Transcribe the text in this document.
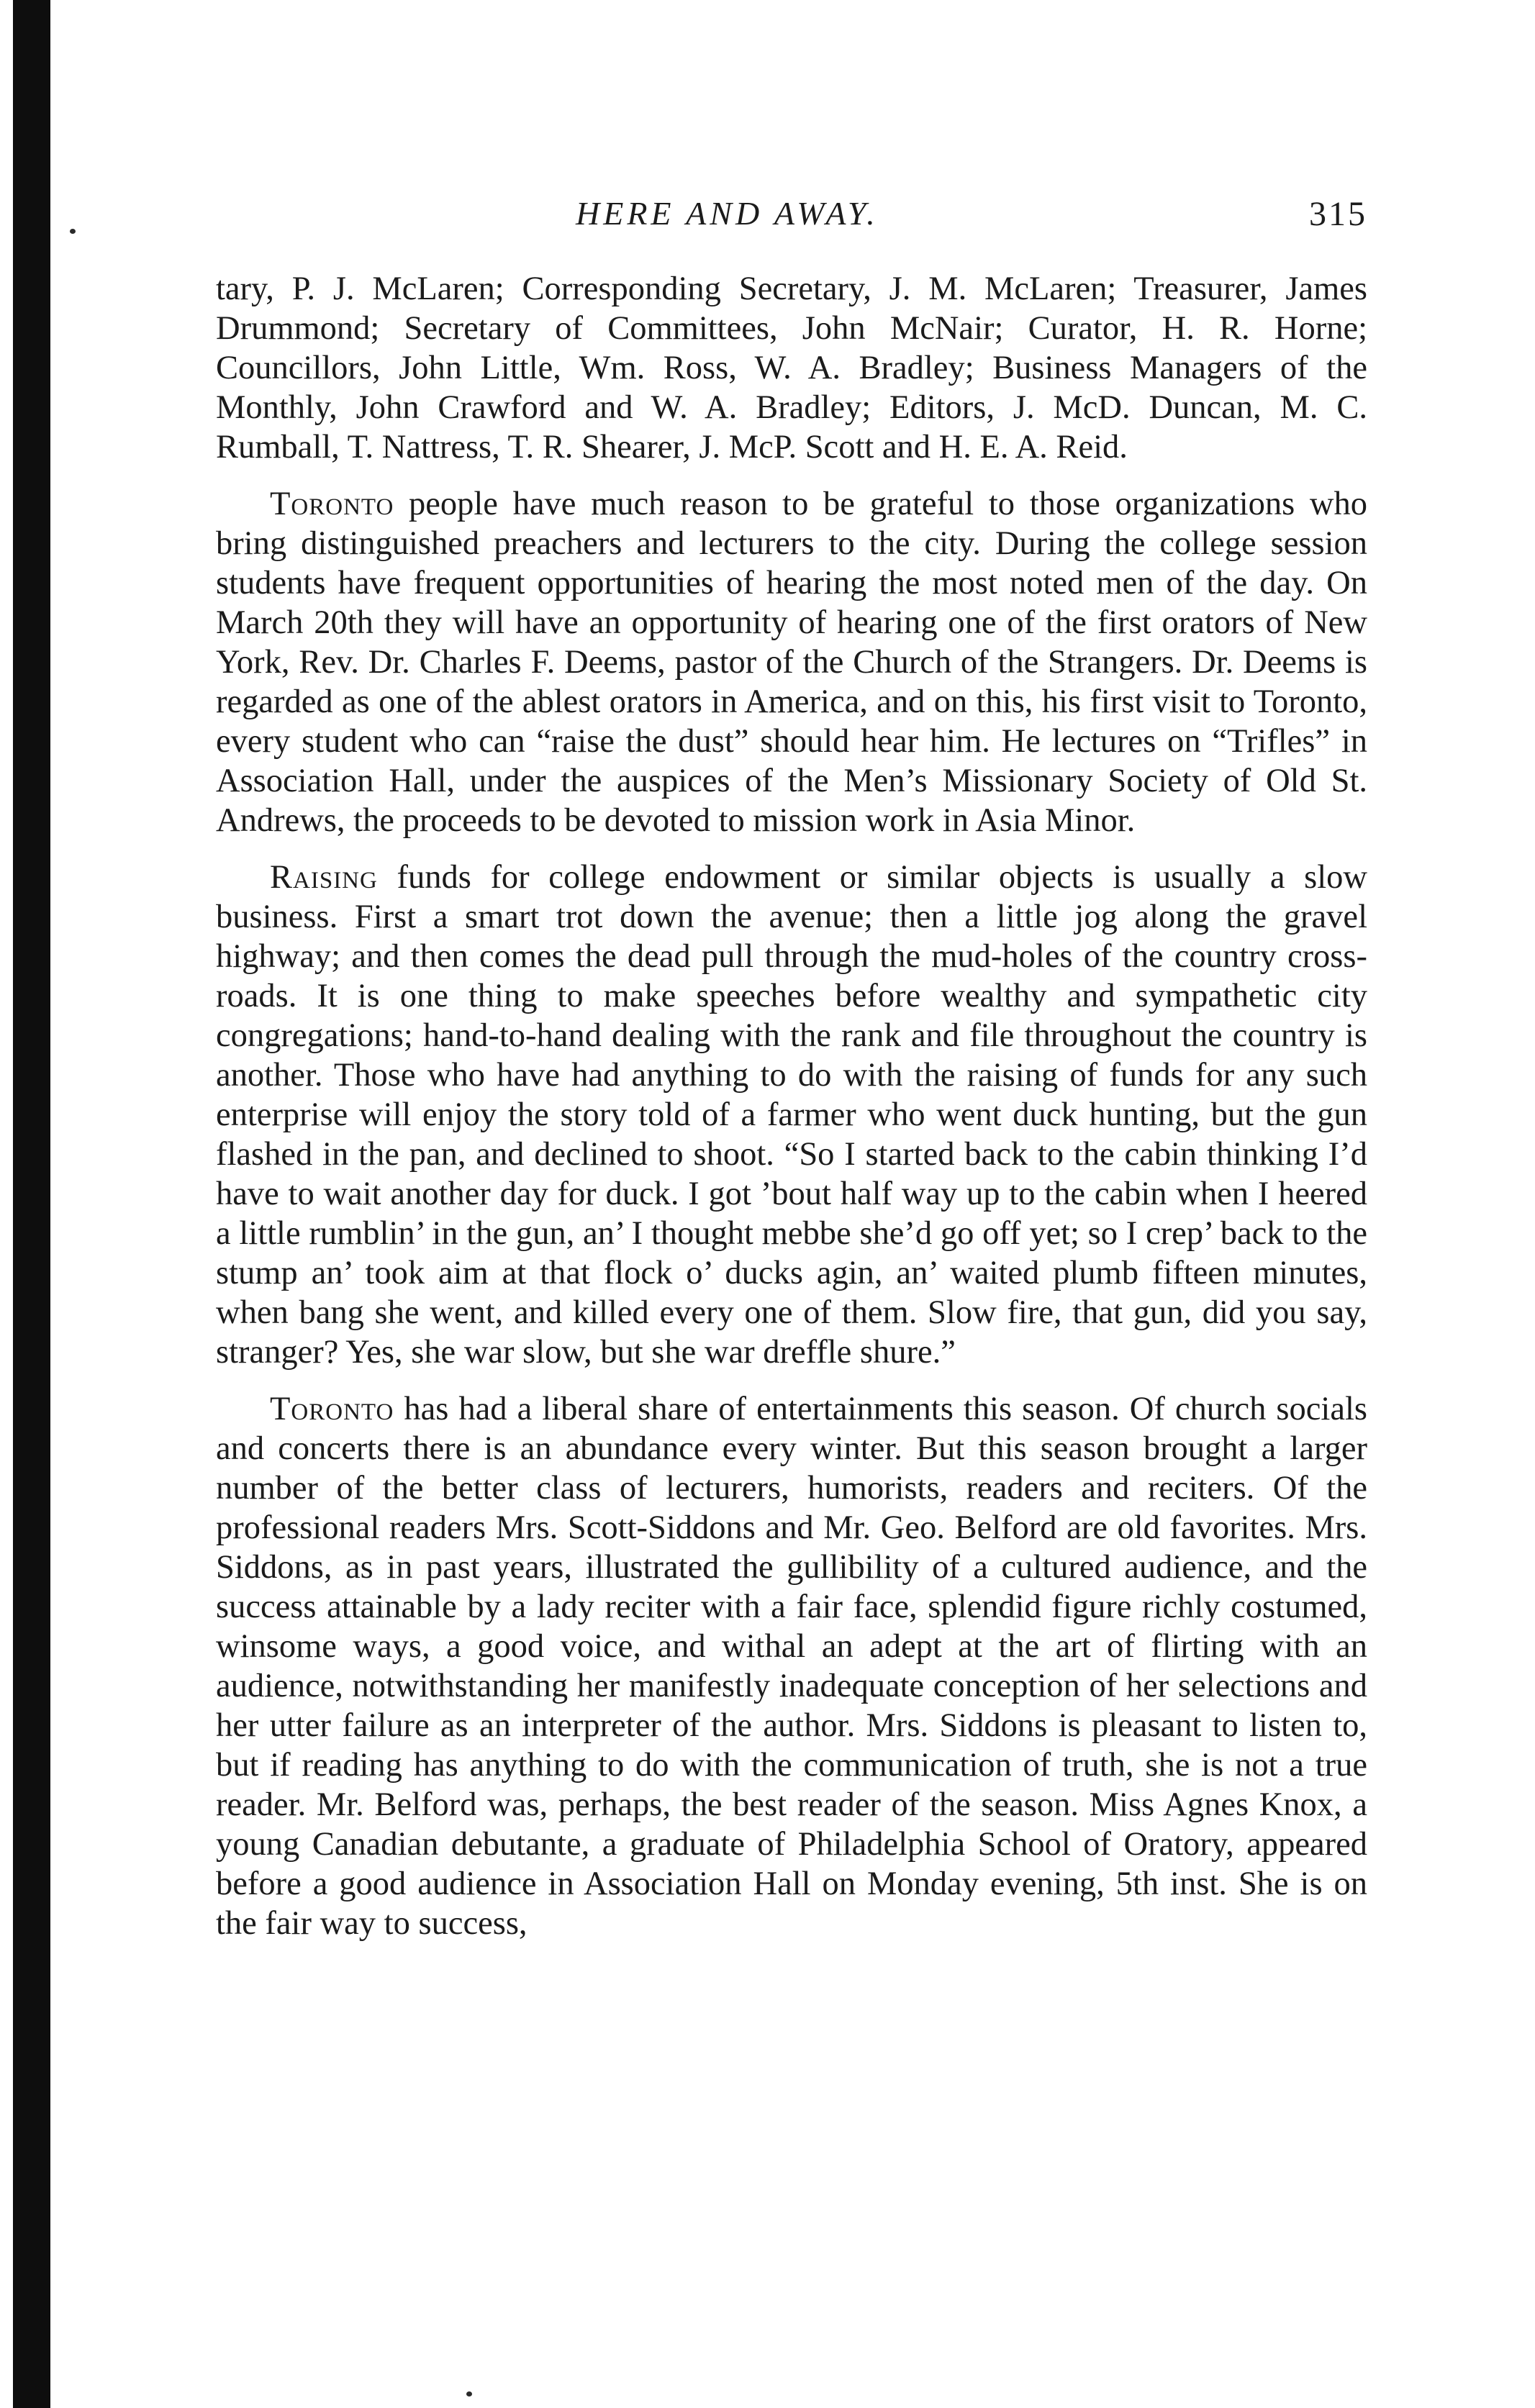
HERE AND AWAY.	315

tary, P. J. McLaren; Corresponding Secretary, J. M. McLaren; Treasurer, James Drummond; Secretary of Committees, John McNair; Curator, H. R. Horne; Councillors, John Little, Wm. Ross, W. A. Bradley; Business Managers of the Monthly, John Crawford and W. A. Bradley; Editors, J. McD. Duncan, M. C. Rumball, T. Nattress, T. R. Shearer, J. McP. Scott and H. E. A. Reid.

Toronto people have much reason to be grateful to those organizations who bring distinguished preachers and lecturers to the city. During the college session students have frequent opportunities of hearing the most noted men of the day. On March 20th they will have an opportunity of hearing one of the first orators of New York, Rev. Dr. Charles F. Deems, pastor of the Church of the Strangers. Dr. Deems is regarded as one of the ablest orators in America, and on this, his first visit to Toronto, every student who can “raise the dust” should hear him. He lectures on “Trifles” in Association Hall, under the auspices of the Men’s Missionary Society of Old St. Andrews, the proceeds to be devoted to mission work in Asia Minor.

Raising funds for college endowment or similar objects is usually a slow business. First a smart trot down the avenue; then a little jog along the gravel highway; and then comes the dead pull through the mud-holes of the country cross-roads. It is one thing to make speeches before wealthy and sympathetic city congregations; hand-to-hand dealing with the rank and file throughout the country is another. Those who have had anything to do with the raising of funds for any such enterprise will enjoy the story told of a farmer who went duck hunting, but the gun flashed in the pan, and declined to shoot. “So I started back to the cabin thinking I’d have to wait another day for duck. I got ’bout half way up to the cabin when I heered a little rumblin’ in the gun, an’ I thought mebbe she’d go off yet; so I crep’ back to the stump an’ took aim at that flock o’ ducks agin, an’ waited plumb fifteen minutes, when bang she went, and killed every one of them. Slow fire, that gun, did you say, stranger? Yes, she war slow, but she war dreffle shure.”

Toronto has had a liberal share of entertainments this season. Of church socials and concerts there is an abundance every winter. But this season brought a larger number of the better class of lecturers, humorists, readers and reciters. Of the professional readers Mrs. Scott-Siddons and Mr. Geo. Belford are old favorites. Mrs. Siddons, as in past years, illustrated the gullibility of a cultured audience, and the success attainable by a lady reciter with a fair face, splendid figure richly costumed, winsome ways, a good voice, and withal an adept at the art of flirting with an audience, notwithstanding her manifestly inadequate conception of her selections and her utter failure as an interpreter of the author. Mrs. Siddons is pleasant to listen to, but if reading has anything to do with the communication of truth, she is not a true reader. Mr. Belford was, perhaps, the best reader of the season. Miss Agnes Knox, a young Canadian debutante, a graduate of Philadelphia School of Oratory, appeared before a good audience in Association Hall on Monday evening, 5th inst. She is on the fair way to success,
